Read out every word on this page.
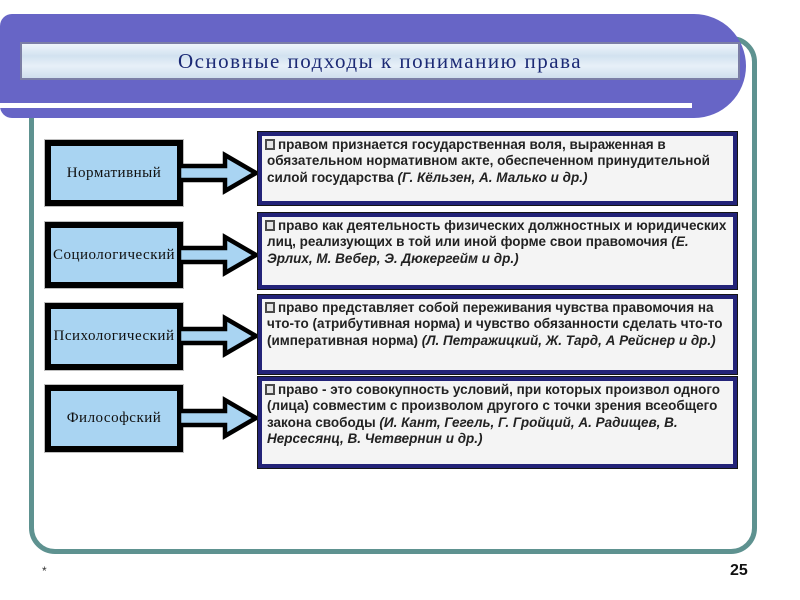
Основные подходы к пониманию права
Нормативный
правом признается государственная воля, выраженная в обязательном нормативном акте, обеспеченном принудительной силой государства (Г. Кёльзен, А. Малько и др.)
Социологический
право как деятельность физических должностных и юридических лиц, реализующих в той или иной форме свои правомочия (Е. Эрлих, М. Вебер, Э. Дюкергейм и др.)
Психологический
право представляет собой переживания чувства правомочия на что-то (атрибутивная норма) и чувство обязанности сделать что-то (императивная норма) (Л. Петражицкий, Ж. Тард, А Рейснер и др.)
Философский
право - это совокупность условий, при которых произвол одного (лица) совместим с произволом другого с точки зрения всеобщего закона свободы (И. Кант, Гегель, Г. Гройций, А. Радищев, В. Нерсесянц, В. Четвернин и др.)
*	25
